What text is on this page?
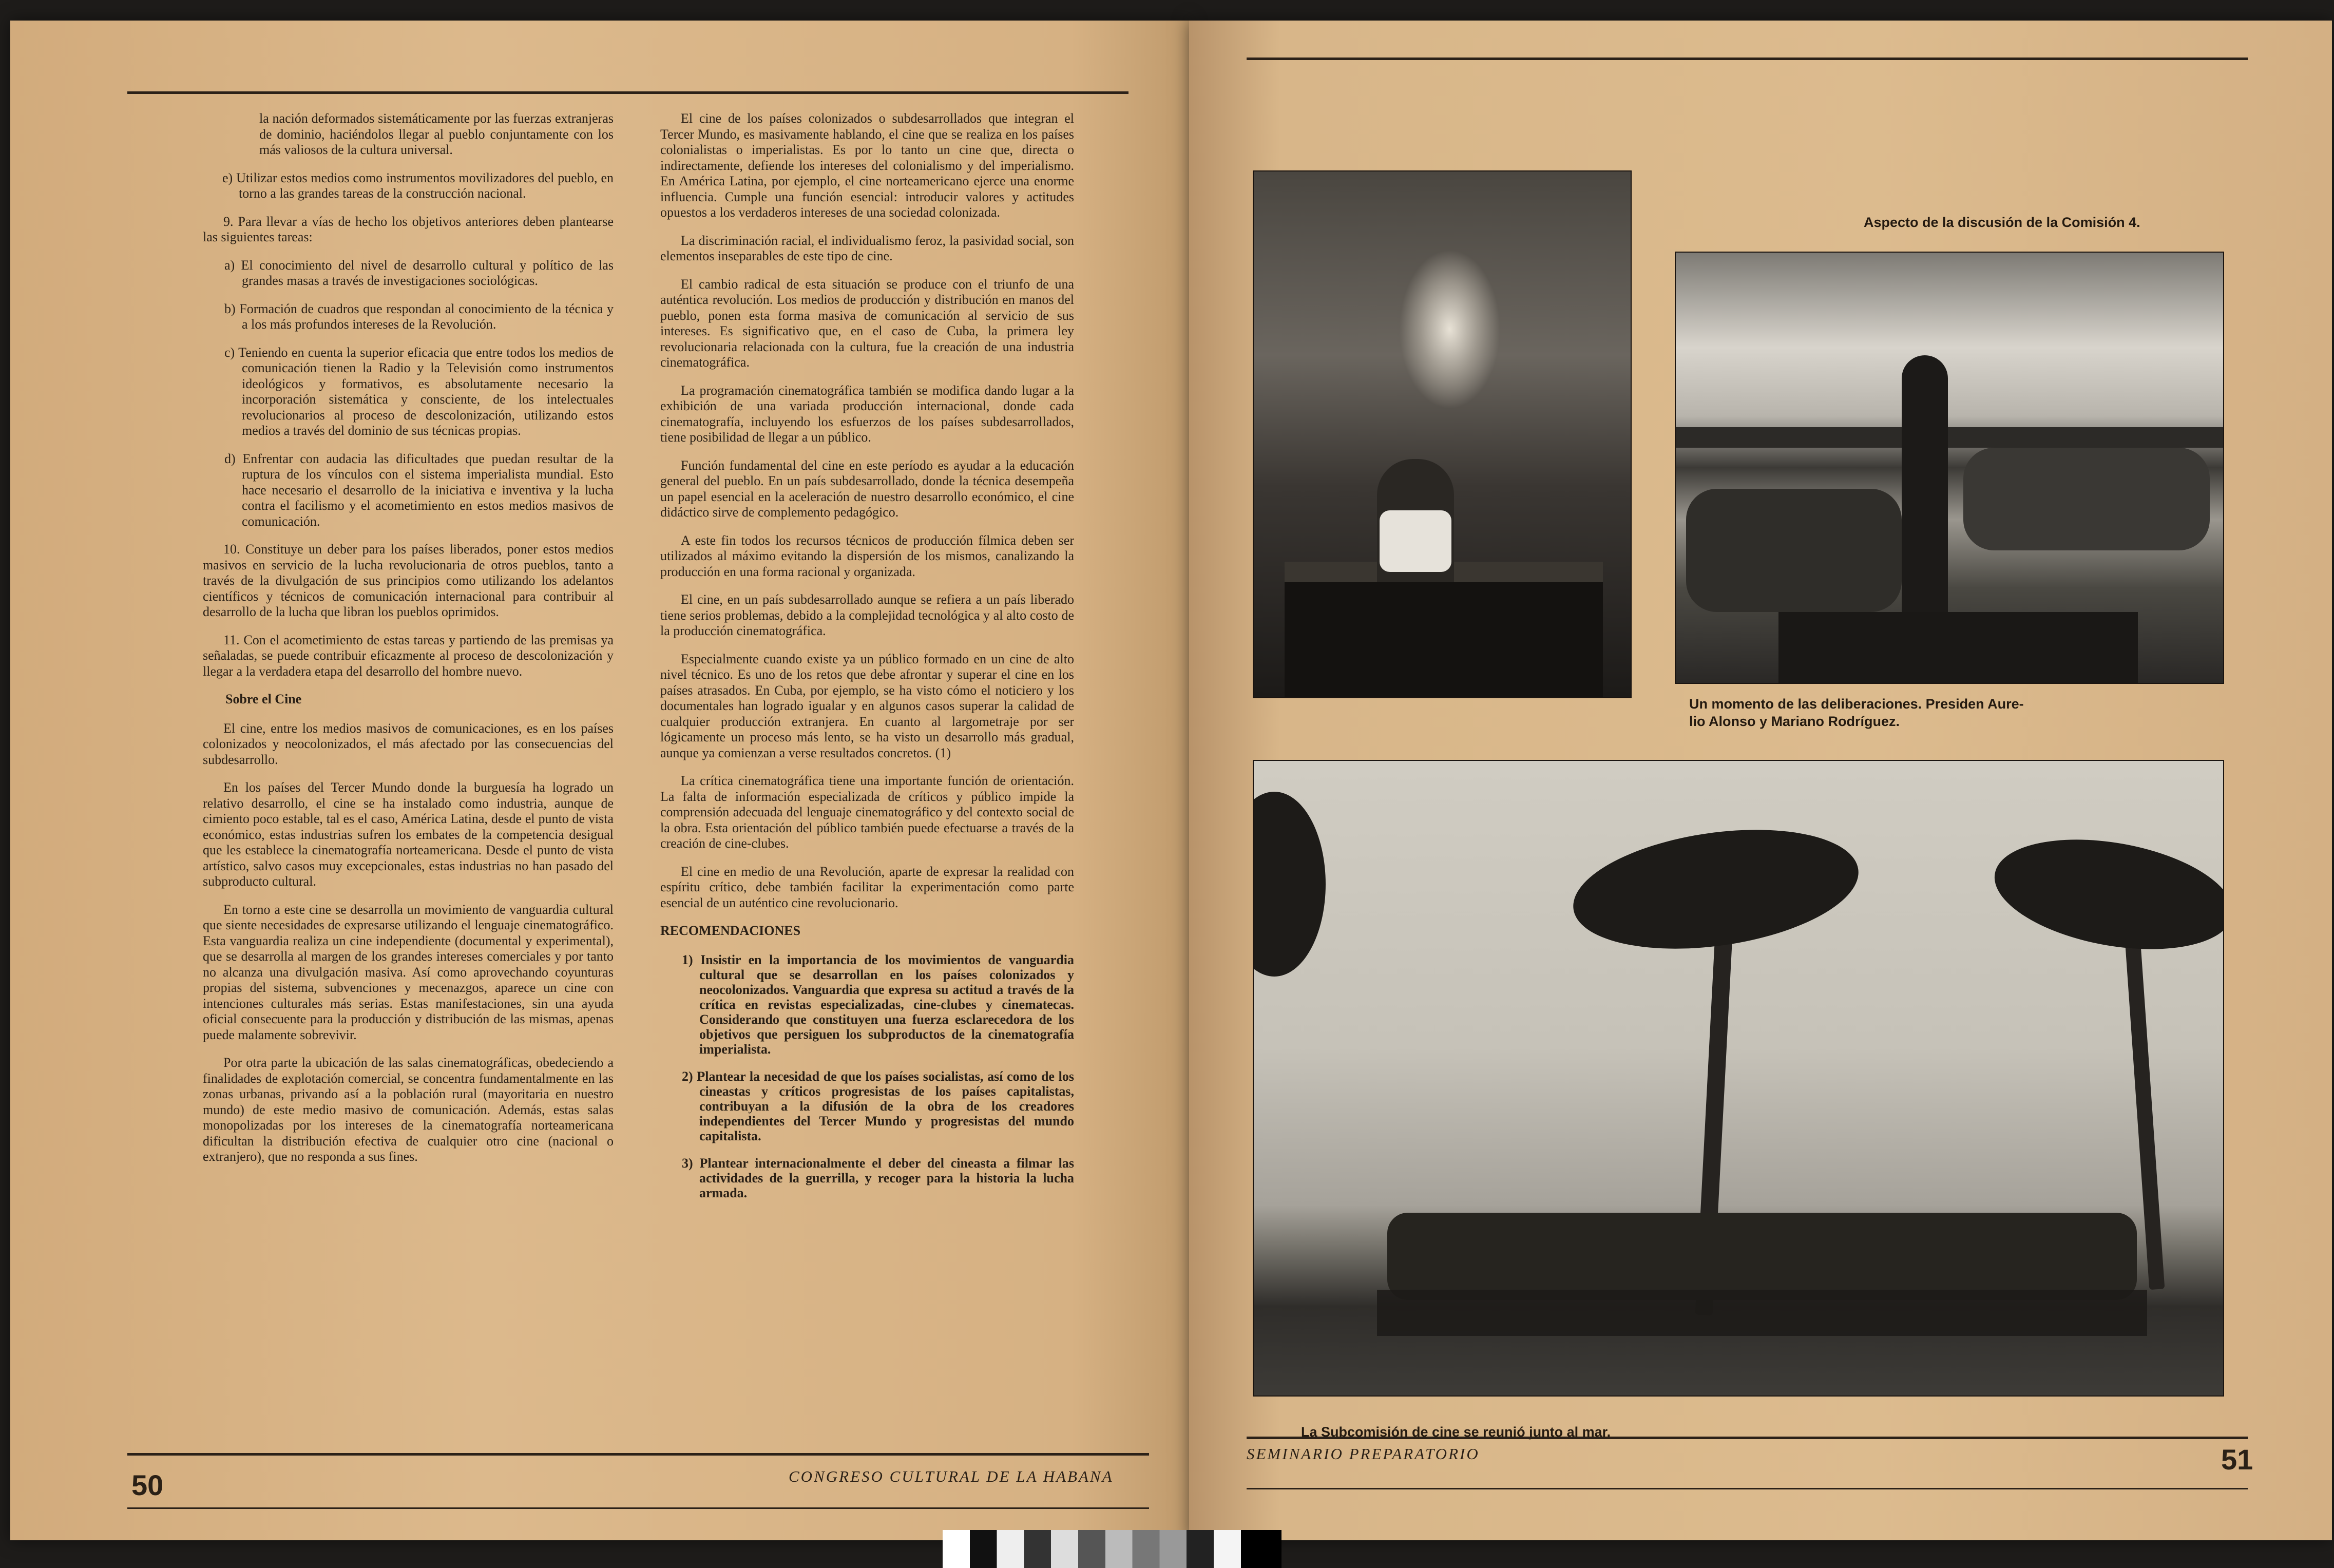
la nación deformados sistemáticamente por las fuerzas extranjeras de dominio, haciéndolos llegar al pueblo conjuntamente con los más valiosos de la cultura universal.

e) Utilizar estos medios como instrumentos movilizadores del pueblo, en torno a las grandes tareas de la construcción nacional.

9. Para llevar a vías de hecho los objetivos anteriores deben plantearse las siguientes tareas:

a) El conocimiento del nivel de desarrollo cultural y político de las grandes masas a través de investigaciones sociológicas.

b) Formación de cuadros que respondan al conocimiento de la técnica y a los más profundos intereses de la Revolución.

c) Teniendo en cuenta la superior eficacia que entre todos los medios de comunicación tienen la Radio y la Televisión como instrumentos ideológicos y formativos, es absolutamente necesario la incorporación sistemática y consciente, de los intelectuales revolucionarios al proceso de descolonización, utilizando estos medios a través del dominio de sus técnicas propias.

d) Enfrentar con audacia las dificultades que puedan resultar de la ruptura de los vínculos con el sistema imperialista mundial. Esto hace necesario el desarrollo de la iniciativa e inventiva y la lucha contra el facilismo y el acometimiento en estos medios masivos de comunicación.

10. Constituye un deber para los países liberados, poner estos medios masivos en servicio de la lucha revolucionaria de otros pueblos, tanto a través de la divulgación de sus principios como utilizando los adelantos científicos y técnicos de comunicación internacional para contribuir al desarrollo de la lucha que libran los pueblos oprimidos.

11. Con el acometimiento de estas tareas y partiendo de las premisas ya señaladas, se puede contribuir eficazmente al proceso de descolonización y llegar a la verdadera etapa del desarrollo del hombre nuevo.

Sobre el Cine

El cine, entre los medios masivos de comunicaciones, es en los países colonizados y neocolonizados, el más afectado por las consecuencias del subdesarrollo.

En los países del Tercer Mundo donde la burguesía ha logrado un relativo desarrollo, el cine se ha instalado como industria, aunque de cimiento poco estable, tal es el caso, América Latina, desde el punto de vista económico, estas industrias sufren los embates de la competencia desigual que les establece la cinematografía norteamericana. Desde el punto de vista artístico, salvo casos muy excepcionales, estas industrias no han pasado del subproducto cultural.

En torno a este cine se desarrolla un movimiento de vanguardia cultural que siente necesidades de expresarse utilizando el lenguaje cinematográfico. Esta vanguardia realiza un cine independiente (documental y experimental), que se desarrolla al margen de los grandes intereses comerciales y por tanto no alcanza una divulgación masiva. Así como aprovechando coyunturas propias del sistema, subvenciones y mecenazgos, aparece un cine con intenciones culturales más serias. Estas manifestaciones, sin una ayuda oficial consecuente para la producción y distribución de las mismas, apenas puede malamente sobrevivir.

Por otra parte la ubicación de las salas cinematográficas, obedeciendo a finalidades de explotación comercial, se concentra fundamentalmente en las zonas urbanas, privando así a la población rural (mayoritaria en nuestro mundo) de este medio masivo de comunicación. Además, estas salas monopolizadas por los intereses de la cinematografía norteamericana dificultan la distribución efectiva de cualquier otro cine (nacional o extranjero), que no responda a sus fines.

El cine de los países colonizados o subdesarrollados que integran el Tercer Mundo, es masivamente hablando, el cine que se realiza en los países colonialistas o imperialistas. Es por lo tanto un cine que, directa o indirectamente, defiende los intereses del colonialismo y del imperialismo. En América Latina, por ejemplo, el cine norteamericano ejerce una enorme influencia. Cumple una función esencial: introducir valores y actitudes opuestos a los verdaderos intereses de una sociedad colonizada.

La discriminación racial, el individualismo feroz, la pasividad social, son elementos inseparables de este tipo de cine.

El cambio radical de esta situación se produce con el triunfo de una auténtica revolución. Los medios de producción y distribución en manos del pueblo, ponen esta forma masiva de comunicación al servicio de sus intereses. Es significativo que, en el caso de Cuba, la primera ley revolucionaria relacionada con la cultura, fue la creación de una industria cinematográfica.

La programación cinematográfica también se modifica dando lugar a la exhibición de una variada producción internacional, donde cada cinematografía, incluyendo los esfuerzos de los países subdesarrollados, tiene posibilidad de llegar a un público.

Función fundamental del cine en este período es ayudar a la educación general del pueblo. En un país subdesarrollado, donde la técnica desempeña un papel esencial en la aceleración de nuestro desarrollo económico, el cine didáctico sirve de complemento pedagógico.

A este fin todos los recursos técnicos de producción fílmica deben ser utilizados al máximo evitando la dispersión de los mismos, canalizando la producción en una forma racional y organizada.

El cine, en un país subdesarrollado aunque se refiera a un país liberado tiene serios problemas, debido a la complejidad tecnológica y al alto costo de la producción cinematográfica.

Especialmente cuando existe ya un público formado en un cine de alto nivel técnico. Es uno de los retos que debe afrontar y superar el cine en los países atrasados. En Cuba, por ejemplo, se ha visto cómo el noticiero y los documentales han logrado igualar y en algunos casos superar la calidad de cualquier producción extranjera. En cuanto al largometraje por ser lógicamente un proceso más lento, se ha visto un desarrollo más gradual, aunque ya comienzan a verse resultados concretos. (1)

La crítica cinematográfica tiene una importante función de orientación. La falta de información especializada de críticos y público impide la comprensión adecuada del lenguaje cinematográfico y del contexto social de la obra. Esta orientación del público también puede efectuarse a través de la creación de cine-clubes.

El cine en medio de una Revolución, aparte de expresar la realidad con espíritu crítico, debe también facilitar la experimentación como parte esencial de un auténtico cine revolucionario.

RECOMENDACIONES

1) Insistir en la importancia de los movimientos de vanguardia cultural que se desarrollan en los países colonizados y neocolonizados. Vanguardia que expresa su actitud a través de la crítica en revistas especializadas, cine-clubes y cinematecas. Considerando que constituyen una fuerza esclarecedora de los objetivos que persiguen los subproductos de la cinematografía imperialista.

2) Plantear la necesidad de que los países socialistas, así como de los cineastas y críticos progresistas de los países capitalistas, contribuyan a la difusión de la obra de los creadores independientes del Tercer Mundo y progresistas del mundo capitalista.

3) Plantear internacionalmente el deber del cineasta a filmar las actividades de la guerrilla, y recoger para la historia la lucha armada.

50	CONGRESO CULTURAL DE LA HABANA
Aspecto de la discusión de la Comisión 4.
Un momento de las deliberaciones. Presiden Aure-
lio Alonso y Mariano Rodríguez.
La Subcomisión de cine se reunió junto al mar.
SEMINARIO PREPARATORIO	51
